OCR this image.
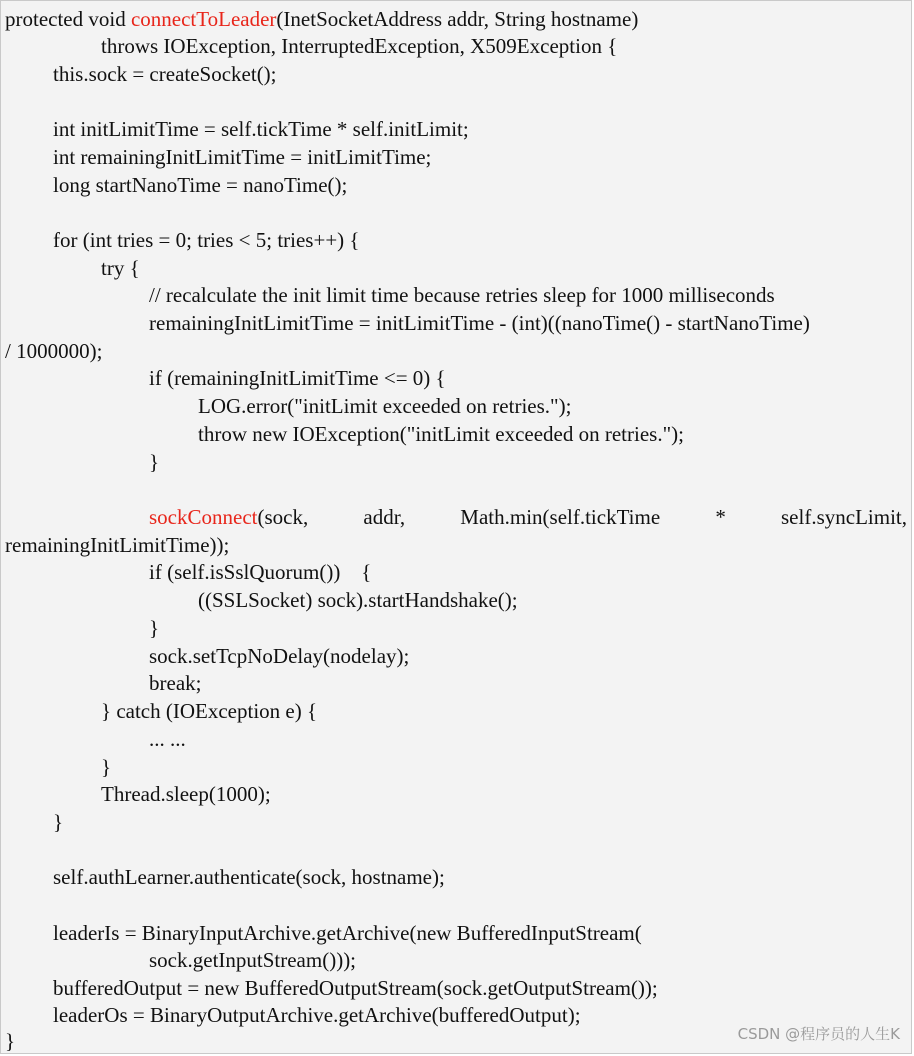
protected void connectToLeader(InetSocketAddress addr, String hostname)
throws IOException, InterruptedException, X509Exception {
this.sock = createSocket();
int initLimitTime = self.tickTime * self.initLimit;
int remainingInitLimitTime = initLimitTime;
long startNanoTime = nanoTime();
for (int tries = 0; tries < 5; tries++) {
try {
// recalculate the init limit time because retries sleep for 1000 milliseconds
remainingInitLimitTime = initLimitTime - (int)((nanoTime() - startNanoTime)
/ 1000000);
if (remainingInitLimitTime <= 0) {
LOG.error("initLimit exceeded on retries.");
throw new IOException("initLimit exceeded on retries.");
}
sockConnect(sock, addr, Math.min(self.tickTime * self.syncLimit,
remainingInitLimitTime));
if (self.isSslQuorum())    {
((SSLSocket) sock).startHandshake();
}
sock.setTcpNoDelay(nodelay);
break;
} catch (IOException e) {
... ...
}
Thread.sleep(1000);
}
self.authLearner.authenticate(sock, hostname);
leaderIs = BinaryInputArchive.getArchive(new BufferedInputStream(
sock.getInputStream()));
bufferedOutput = new BufferedOutputStream(sock.getOutputStream());
leaderOs = BinaryOutputArchive.getArchive(bufferedOutput);
}	CSDN @程序员的人生K
